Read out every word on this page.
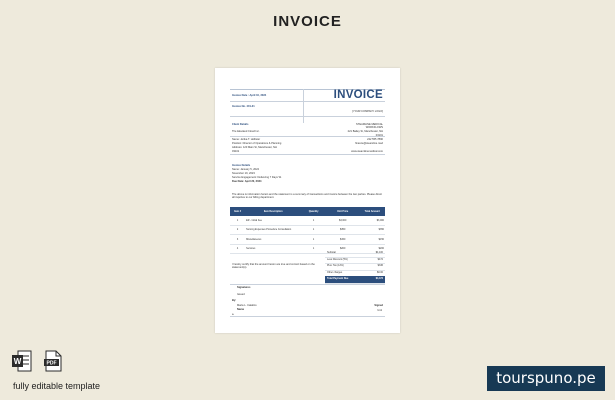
INVOICE
Invoice Date : April 10, 2024
Invoice No. 401-21
INVOICE
[YOUR COMPANY LOGO]
Client Details
The Elevated Cloud Inc.
Name: Jerika T. Hollister
Position: Director of Operations & Planning
Address: 123 Main St, Manchester, NH
03101
STEAMLINE MEDICAL
WORKFLOWS
221 Bailey St, Manchester, NH
03101
222 555 7890
finance@steamline.med
www.steamlinemedical.com
Invoice Details
Name: January 5, 2024
November 19, 2023
Service Engagement: Delivering 7 Days W.
Due Date: April 20, 2024
The above is information herein and the statement is a summary of transactions and invoice between the two parties. Please direct all inquiries to our billing department.
Item #	Item Description	Quantity	Unit Price	Total Amount
1	ER - Initial Fee	1	$3,000	$3,000
2	Nursing Expenses Procedure Consultation	1	$350	$350
3	Miscellaneous	1	$150	$150
4	Services	1	$200	$200
Subtotal	$4,100
Less Discount (5%)	$472
Plus: Tax (12%)	$336
Other charges	$0.00
Total Payment Due	$4,474
I hereby certify that the amount herein are true and correct based on the statement(s).
Signatures
Issued
By:
Maria L. Catalino
Name
a.
Signed
Unit
W	PDF
fully editable template	tourspuno.pe
